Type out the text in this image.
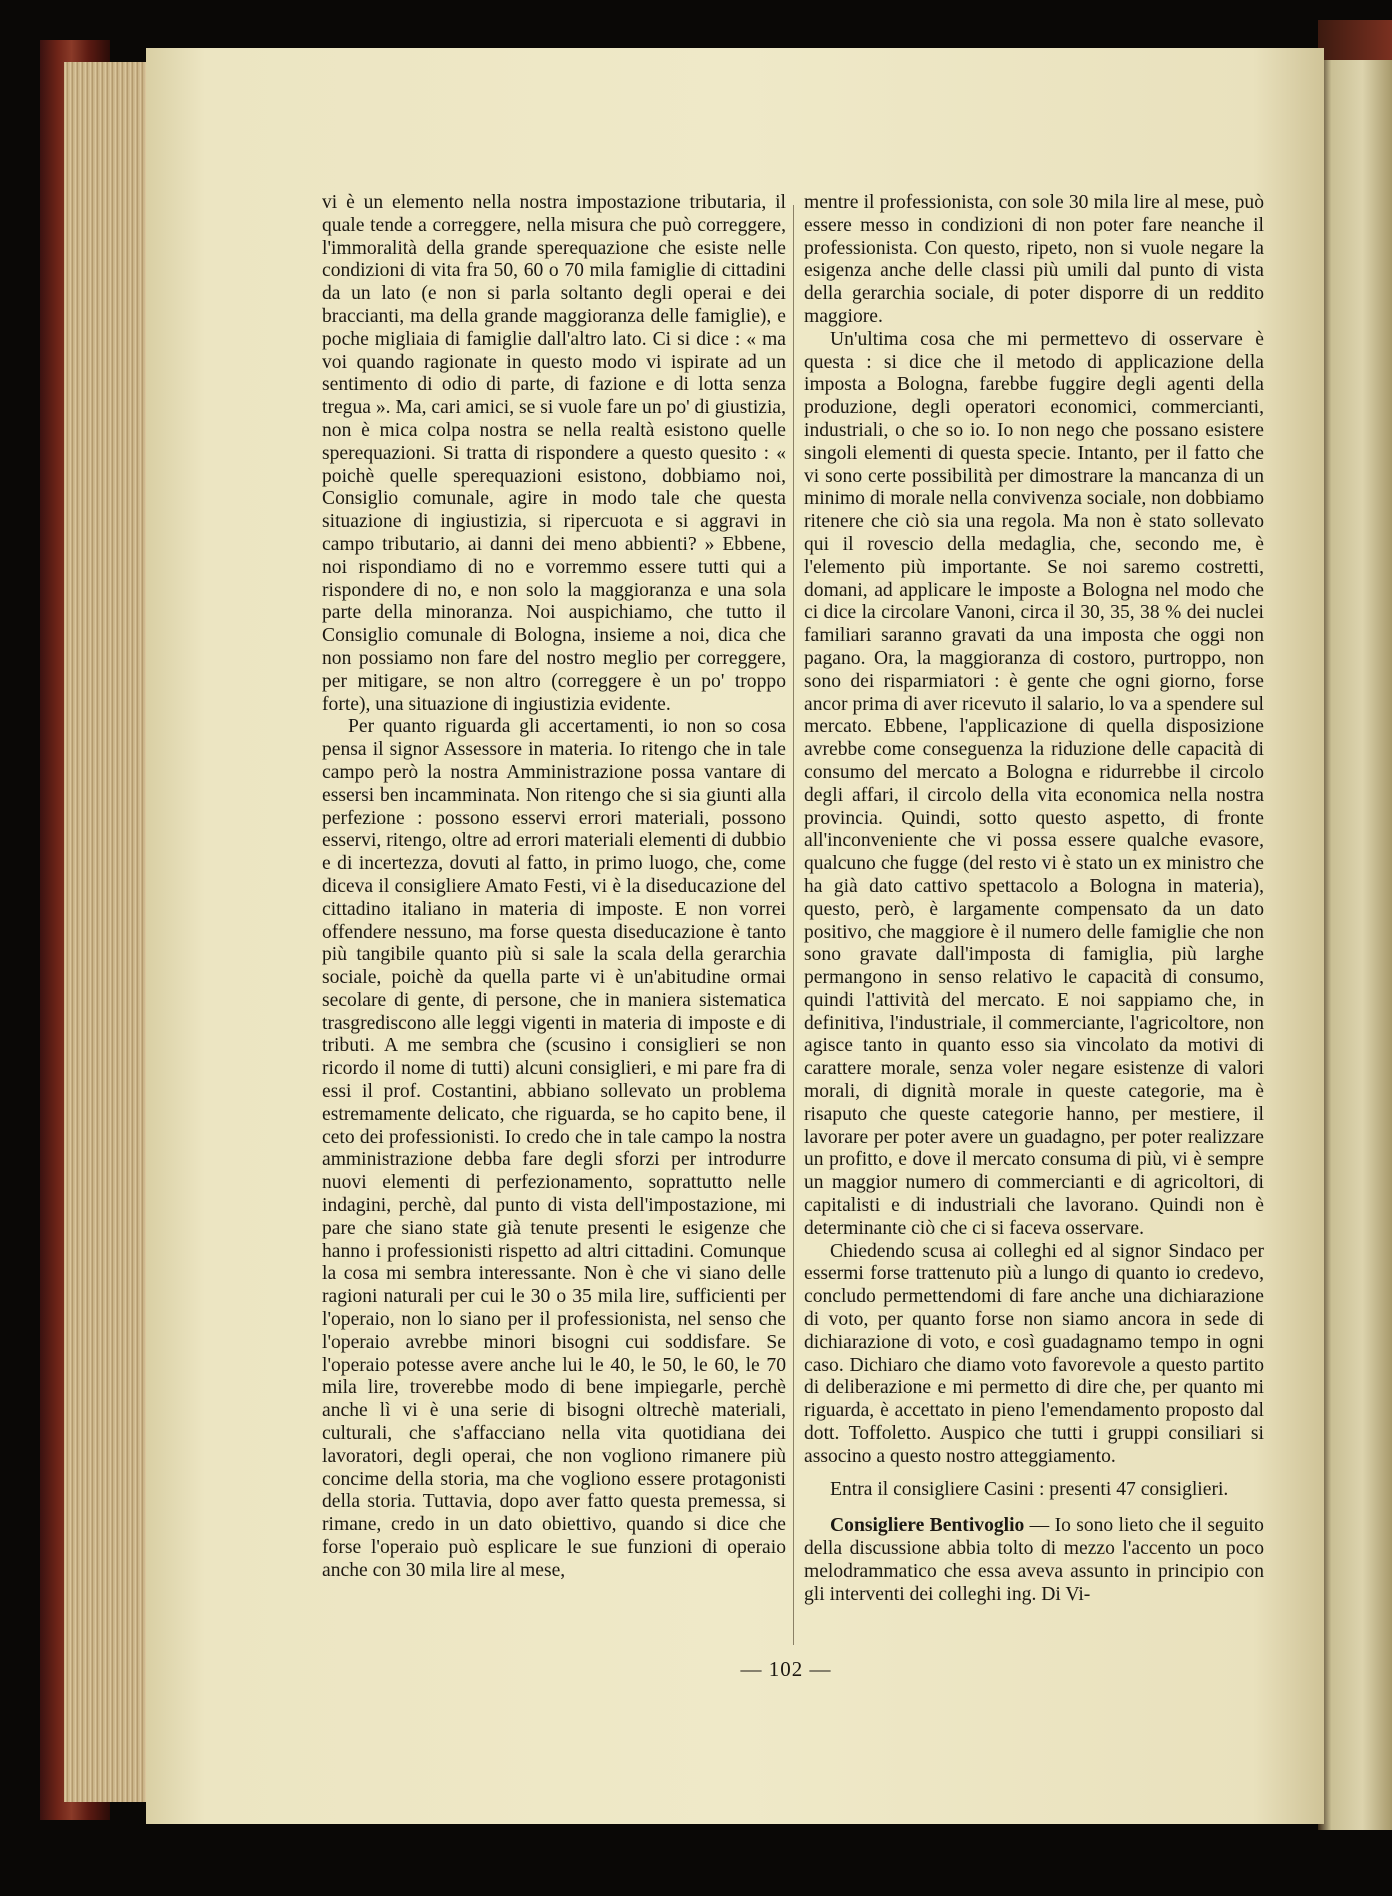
vi è un elemento nella nostra impostazione tributaria, il quale tende a correggere, nella misura che può correggere, l'immoralità della grande sperequazione che esiste nelle condizioni di vita fra 50, 60 o 70 mila famiglie di cittadini da un lato (e non si parla soltanto degli operai e dei braccianti, ma della grande maggioranza delle famiglie), e poche migliaia di famiglie dall'altro lato. Ci si dice : « ma voi quando ragionate in questo modo vi ispirate ad un sentimento di odio di parte, di fazione e di lotta senza tregua ». Ma, cari amici, se si vuole fare un po' di giustizia, non è mica colpa nostra se nella realtà esistono quelle sperequazioni. Si tratta di rispondere a questo quesito : « poichè quelle sperequazioni esistono, dobbiamo noi, Consiglio comunale, agire in modo tale che questa situazione di ingiustizia, si ripercuota e si aggravi in campo tributario, ai danni dei meno abbienti? » Ebbene, noi rispondiamo di no e vorremmo essere tutti qui a rispondere di no, e non solo la maggioranza e una sola parte della minoranza. Noi auspichiamo, che tutto il Consiglio comunale di Bologna, insieme a noi, dica che non possiamo non fare del nostro meglio per correggere, per mitigare, se non altro (correggere è un po' troppo forte), una situazione di ingiustizia evidente.

Per quanto riguarda gli accertamenti, io non so cosa pensa il signor Assessore in materia. Io ritengo che in tale campo però la nostra Amministrazione possa vantare di essersi ben incamminata. Non ritengo che si sia giunti alla perfezione : possono esservi errori materiali, possono esservi, ritengo, oltre ad errori materiali elementi di dubbio e di incertezza, dovuti al fatto, in primo luogo, che, come diceva il consigliere Amato Festi, vi è la diseducazione del cittadino italiano in materia di imposte. E non vorrei offendere nessuno, ma forse questa diseducazione è tanto più tangibile quanto più si sale la scala della gerarchia sociale, poichè da quella parte vi è un'abitudine ormai secolare di gente, di persone, che in maniera sistematica trasgrediscono alle leggi vigenti in materia di imposte e di tributi. A me sembra che (scusino i consiglieri se non ricordo il nome di tutti) alcuni consiglieri, e mi pare fra di essi il prof. Costantini, abbiano sollevato un problema estremamente delicato, che riguarda, se ho capito bene, il ceto dei professionisti. Io credo che in tale campo la nostra amministrazione debba fare degli sforzi per introdurre nuovi elementi di perfezionamento, soprattutto nelle indagini, perchè, dal punto di vista dell'impostazione, mi pare che siano state già tenute presenti le esigenze che hanno i professionisti rispetto ad altri cittadini. Comunque la cosa mi sembra interessante. Non è che vi siano delle ragioni naturali per cui le 30 o 35 mila lire, sufficienti per l'operaio, non lo siano per il professionista, nel senso che l'operaio avrebbe minori bisogni cui soddisfare. Se l'operaio potesse avere anche lui le 40, le 50, le 60, le 70 mila lire, troverebbe modo di bene impiegarle, perchè anche lì vi è una serie di bisogni oltrechè materiali, culturali, che s'affacciano nella vita quotidiana dei lavoratori, degli operai, che non vogliono rimanere più concime della storia, ma che vogliono essere protagonisti della storia. Tuttavia, dopo aver fatto questa premessa, si rimane, credo in un dato obiettivo, quando si dice che forse l'operaio può esplicare le sue funzioni di operaio anche con 30 mila lire al mese,

mentre il professionista, con sole 30 mila lire al mese, può essere messo in condizioni di non poter fare neanche il professionista. Con questo, ripeto, non si vuole negare la esigenza anche delle classi più umili dal punto di vista della gerarchia sociale, di poter disporre di un reddito maggiore.

Un'ultima cosa che mi permettevo di osservare è questa : si dice che il metodo di applicazione della imposta a Bologna, farebbe fuggire degli agenti della produzione, degli operatori economici, commercianti, industriali, o che so io. Io non nego che possano esistere singoli elementi di questa specie. Intanto, per il fatto che vi sono certe possibilità per dimostrare la mancanza di un minimo di morale nella convivenza sociale, non dobbiamo ritenere che ciò sia una regola. Ma non è stato sollevato qui il rovescio della medaglia, che, secondo me, è l'elemento più importante. Se noi saremo costretti, domani, ad applicare le imposte a Bologna nel modo che ci dice la circolare Vanoni, circa il 30, 35, 38 % dei nuclei familiari saranno gravati da una imposta che oggi non pagano. Ora, la maggioranza di costoro, purtroppo, non sono dei risparmiatori : è gente che ogni giorno, forse ancor prima di aver ricevuto il salario, lo va a spendere sul mercato. Ebbene, l'applicazione di quella disposizione avrebbe come conseguenza la riduzione delle capacità di consumo del mercato a Bologna e ridurrebbe il circolo degli affari, il circolo della vita economica nella nostra provincia. Quindi, sotto questo aspetto, di fronte all'inconveniente che vi possa essere qualche evasore, qualcuno che fugge (del resto vi è stato un ex ministro che ha già dato cattivo spettacolo a Bologna in materia), questo, però, è largamente compensato da un dato positivo, che maggiore è il numero delle famiglie che non sono gravate dall'imposta di famiglia, più larghe permangono in senso relativo le capacità di consumo, quindi l'attività del mercato. E noi sappiamo che, in definitiva, l'industriale, il commerciante, l'agricoltore, non agisce tanto in quanto esso sia vincolato da motivi di carattere morale, senza voler negare esistenze di valori morali, di dignità morale in queste categorie, ma è risaputo che queste categorie hanno, per mestiere, il lavorare per poter avere un guadagno, per poter realizzare un profitto, e dove il mercato consuma di più, vi è sempre un maggior numero di commercianti e di agricoltori, di capitalisti e di industriali che lavorano. Quindi non è determinante ciò che ci si faceva osservare.

Chiedendo scusa ai colleghi ed al signor Sindaco per essermi forse trattenuto più a lungo di quanto io credevo, concludo permettendomi di fare anche una dichiarazione di voto, per quanto forse non siamo ancora in sede di dichiarazione di voto, e così guadagnamo tempo in ogni caso. Dichiaro che diamo voto favorevole a questo partito di deliberazione e mi permetto di dire che, per quanto mi riguarda, è accettato in pieno l'emendamento proposto dal dott. Toffoletto. Auspico che tutti i gruppi consiliari si associno a questo nostro atteggiamento.

Entra il consigliere Casini : presenti 47 consiglieri.

Consigliere Bentivoglio — Io sono lieto che il seguito della discussione abbia tolto di mezzo l'accento un poco melodrammatico che essa aveva assunto in principio con gli interventi dei colleghi ing. Di Vi-

— 102 —
